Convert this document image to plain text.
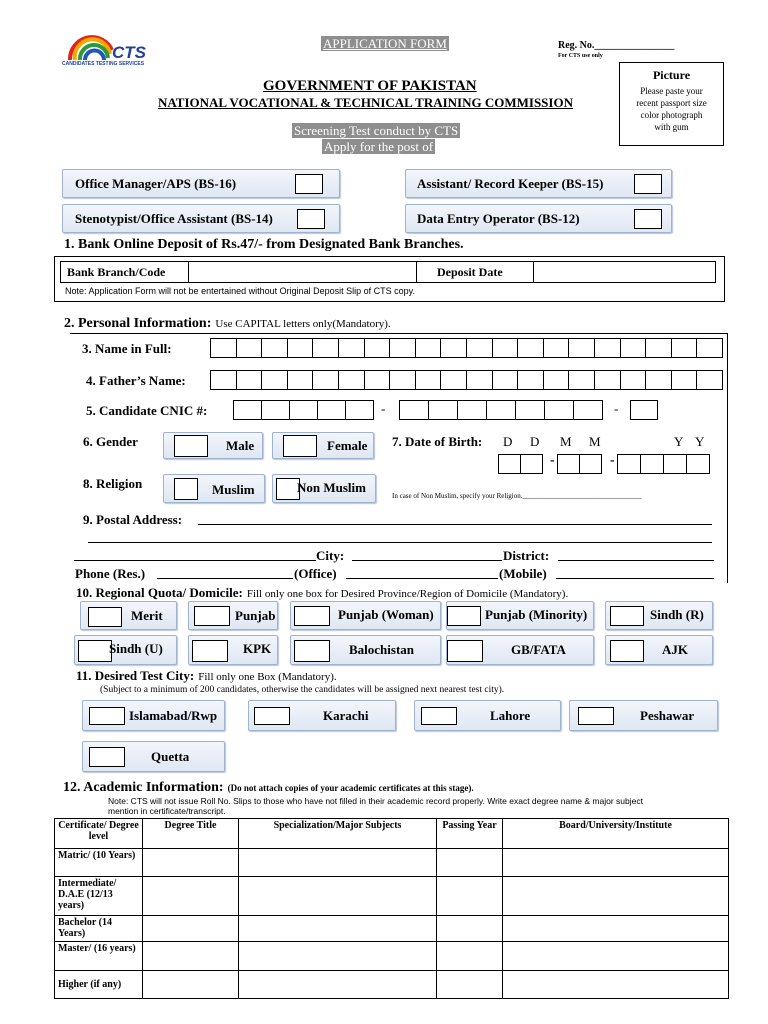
CTS
CANDIDATES TESTING SERVICES
APPLICATION FORM	Reg. No.________________
For CTS use only
GOVERNMENT OF PAKISTAN
NATIONAL VOCATIONAL & TECHNICAL TRAINING COMMISSION
Screening Test conduct by CTS
Apply for the post of
Picture
Please paste your
recent passport size
color photograph
with gum
Office Manager/APS (BS-16)	Assistant/ Record Keeper (BS-15)
Stenotypist/Office Assistant (BS-14)	Data Entry Operator (BS-12)
1. Bank Online Deposit of Rs.47/- from Designated Bank Branches.
Bank Branch/Code	Deposit Date
Note: Application Form will not be entertained without Original Deposit Slip of CTS copy.
2. Personal Information: Use CAPITAL letters only(Mandatory).
3. Name in Full:
4. Father’s Name:
5. Candidate CNIC #:	-	-
6. Gender	Male	Female 7. Date of Birth: D D M M	Y Y
-	-
8. Religion	Muslim	Non Muslim
In case of Non Muslim, specify your Religion.__________________________________
9. Postal Address:
City:	District:
Phone (Res.)	(Office)	(Mobile)
10. Regional Quota/ Domicile: Fill only one box for Desired Province/Region of Domicile (Mandatory).
Merit	Punjab	Punjab (Woman)	Punjab (Minority)	Sindh (R)
Sindh (U)	KPK	Balochistan	GB/FATA	AJK
11. Desired Test City: Fill only one Box (Mandatory).
(Subject to a minimum of 200 candidates, otherwise the candidates will be assigned next nearest test city).
Islamabad/Rwp	Karachi	Lahore	Peshawar
Quetta
12. Academic Information: (Do not attach copies of your academic certificates at this stage).
Note: CTS will not issue Roll No. Slips to those who have not filled in their academic record properly. Write exact degree name & major subject
mention in certificate/transcript.
Certificate/ Degree level	Degree Title	Specialization/Major Subjects	Passing Year	Board/University/Institute
Matric/ (10 Years)				
Intermediate/ D.A.E (12/13 years)				
Bachelor (14 Years)				
Master/ (16 years)				
Higher (if any)				
